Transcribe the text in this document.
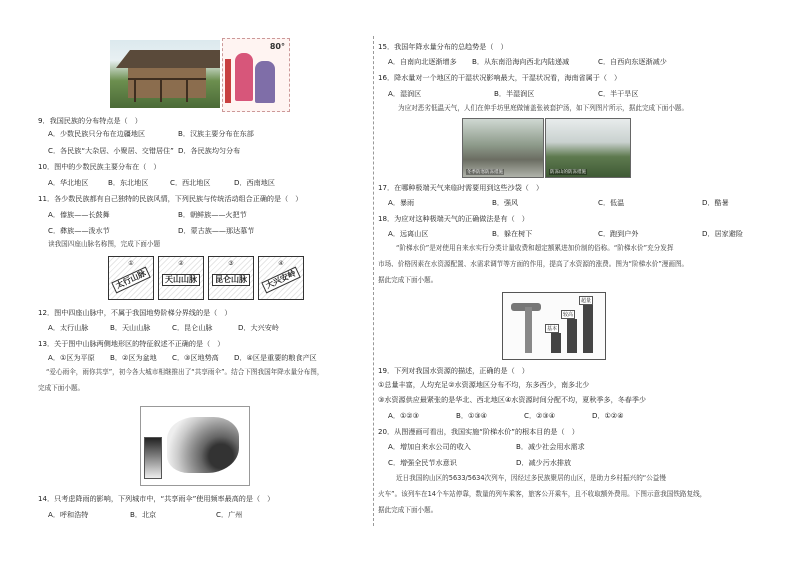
80°
9．我国民族的分布特点是（　）
A．少数民族只分布在边疆地区	B．汉族主要分布在东部
C．各民族“大杂居、小聚居、交错居住” D．各民族均匀分布
10．图中的少数民族主要分布在（　）
A．华北地区	B．东北地区	C．西北地区	D．西南地区
11．各少数民族都有自己独特的民族风情，下列民族与传统活动组合正确的是（　）
A．傣族——长鼓舞	B．朝鲜族——火把节
C．彝族——泼水节	D．蒙古族——那达慕节
读我国四座山脉名称图，完成下面小题
①
太行山脉
②
天山山脉
③
昆仑山脉
④
大兴安岭
12．图中四座山脉中，不属于我国地势阶梯分界线的是（　）
A．太行山脉	B．天山山脉	C．昆仑山脉	D．大兴安岭
13．关于图中山脉两侧地形区的特征叙述不正确的是（　）
A．①区为平原 B．②区为盆地 C．③区地势高 D．④区是重要的粮食产区
“爱心雨伞，雨你共享”，初今各大城市相继推出了“共享雨伞”。结合下图我国年降水量分布图，
完成下面小题。
14．只考虑降雨的影响，下列城市中，“共享雨伞”使用频率最高的是（　）
A．呼和浩特	B．北京	C．广州
15．我国年降水量分布的总趋势是（　）
A．自南向北逐渐增多 B．从东南沿海向西北内陆递减	C．自西向东逐渐减少
16．降水量对一个地区的干湿状况影响最大，干湿状况看，海南省属于（　）
A．湿润区	B．半湿润区	C．半干旱区
为应对恶劣低温天气，人们在伸手坊里庭做铺盖张被套护汤，如下列图片所示，据此完成下面小题。
冬季防寒防冻措施	防冻山的防冻措施
17．在哪种极端天气来临时需要用到这些沙袋（　）
A．暴雨	B．强风	C．低温	D．酷暑
18．为应对这种极端天气的正确做法是有（　）
A．远离山区	B．躲在树下	C．跑到户外	D．居家避险
“阶梯水价”是对使用自来水实行分类计量收费和超定额累进加价制的俗称。“阶梯水价”充分发挥
市场、价格因素在水资源配置、水需求调节等方面的作用，提高了水资源的涨费。图为“阶梯水价”漫画图。
据此完成下面小题。
超量
较高
基本
19．下列对我国水资源的描述，正确的是（　）
①总量丰富，人均充足②水资源地区分布不均，东多西少，南多北少
③水资源供应最紧张的是华北、西北地区④水资源时间分配不均，夏秋季多，冬春季少
A．①②③	B．①③④	C．②③④	D．①②④
20．从图漫画可看出，我国实施“阶梯水价”的根本目的是（　）
A．增加自来水公司的收入	B．减少社会用水需求
C．增强全民节水意识	D．减少污水排放
近日我国的山区的5633/5634次列车，因经过多民族聚居的山区，是助力乡村振兴的“公益慢
火车”。该列车在14个车站停靠，数量的列车乘客，旅客公开乘车，且不收取额外费用。下图示意我国铁路复线，
据此完成下面小题。
